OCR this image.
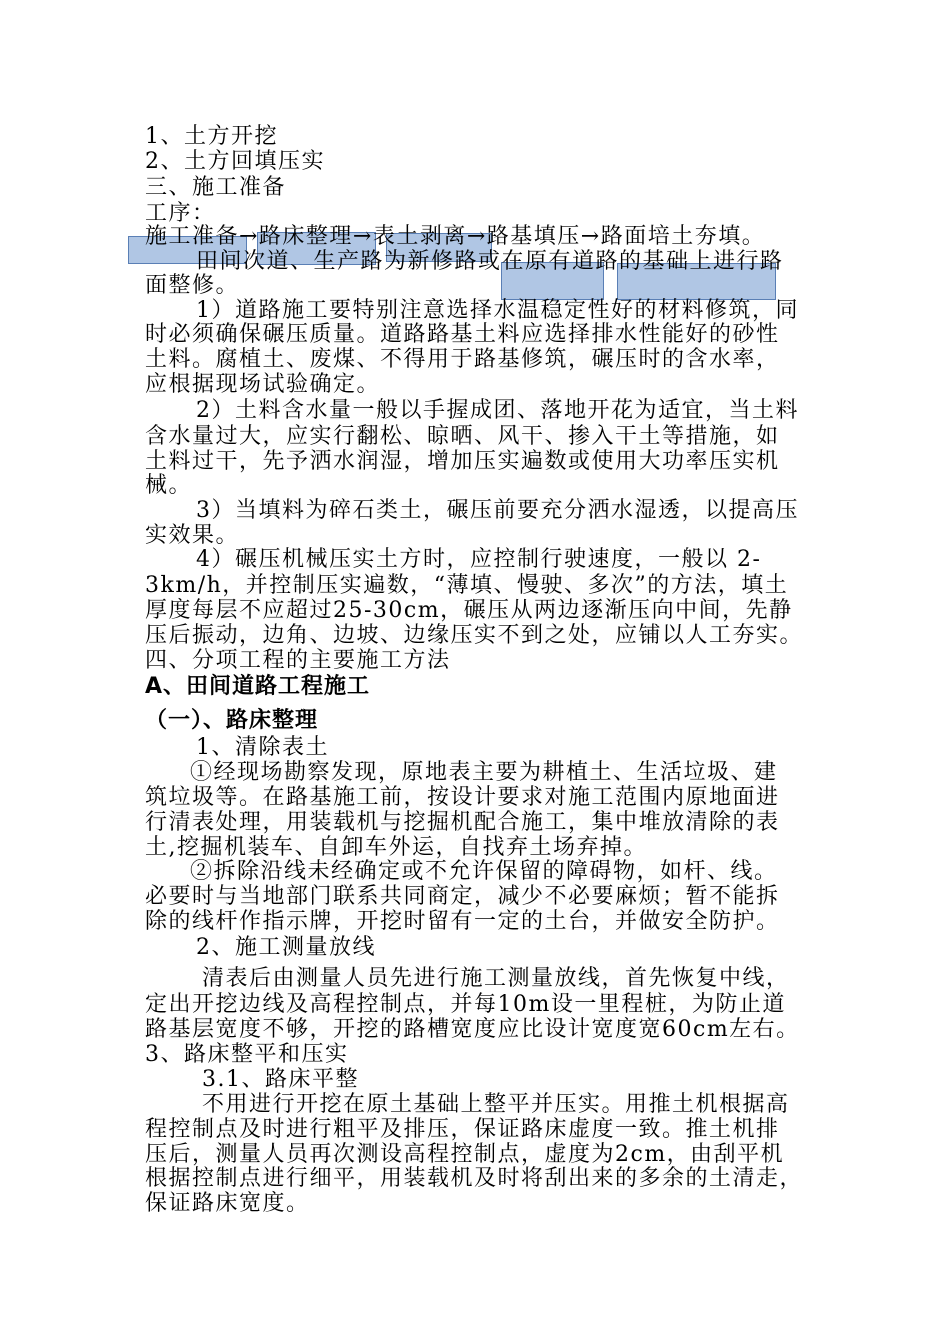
1、土方开挖
2、土方回填压实
三、施工准备
工序：
施工准备→路床整理→表土剥离→路基填压→路面培土夯填。
田间次道、生产路为新修路或在原有道路的基础上进行路
面整修。
1）道路施工要特别注意选择水温稳定性好的材料修筑，同
时必须确保碾压质量。道路路基土料应选择排水性能好的砂性
土料。腐植土、废煤、不得用于路基修筑，碾压时的含水率，
应根据现场试验确定。
2）土料含水量一般以手握成团、落地开花为适宜，当土料
含水量过大，应实行翻松、晾晒、风干、掺入干土等措施，如
土料过干，先予洒水润湿，增加压实遍数或使用大功率压实机
械。
3）当填料为碎石类土，碾压前要充分洒水湿透，以提高压
实效果。
4）碾压机械压实土方时，应控制行驶速度，一般以 2-
3km/h，并控制压实遍数，“薄填、慢驶、多次”的方法，填土
厚度每层不应超过25-30cm，碾压从两边逐渐压向中间，先静
压后振动，边角、边坡、边缘压实不到之处，应铺以人工夯实。
四、分项工程的主要施工方法
A、田间道路工程施工
（一）、路床整理
1、清除表土
①经现场勘察发现，原地表主要为耕植土、生活垃圾、建
筑垃圾等。在路基施工前，按设计要求对施工范围内原地面进
行清表处理，用装载机与挖掘机配合施工，集中堆放清除的表
土,挖掘机装车、自卸车外运，自找弃土场弃掉。
②拆除沿线未经确定或不允许保留的障碍物，如杆、线。
必要时与当地部门联系共同商定，减少不必要麻烦；暂不能拆
除的线杆作指示牌，开挖时留有一定的土台，并做安全防护。
2、施工测量放线
清表后由测量人员先进行施工测量放线，首先恢复中线，
定出开挖边线及高程控制点，并每10m设一里程桩，为防止道
路基层宽度不够，开挖的路槽宽度应比设计宽度宽60cm左右。
3、路床整平和压实
3.1、路床平整
不用进行开挖在原土基础上整平并压实。用推土机根据高
程控制点及时进行粗平及排压，保证路床虚度一致。推土机排
压后，测量人员再次测设高程控制点，虚度为2cm，由刮平机
根据控制点进行细平，用装载机及时将刮出来的多余的土清走，
保证路床宽度。
